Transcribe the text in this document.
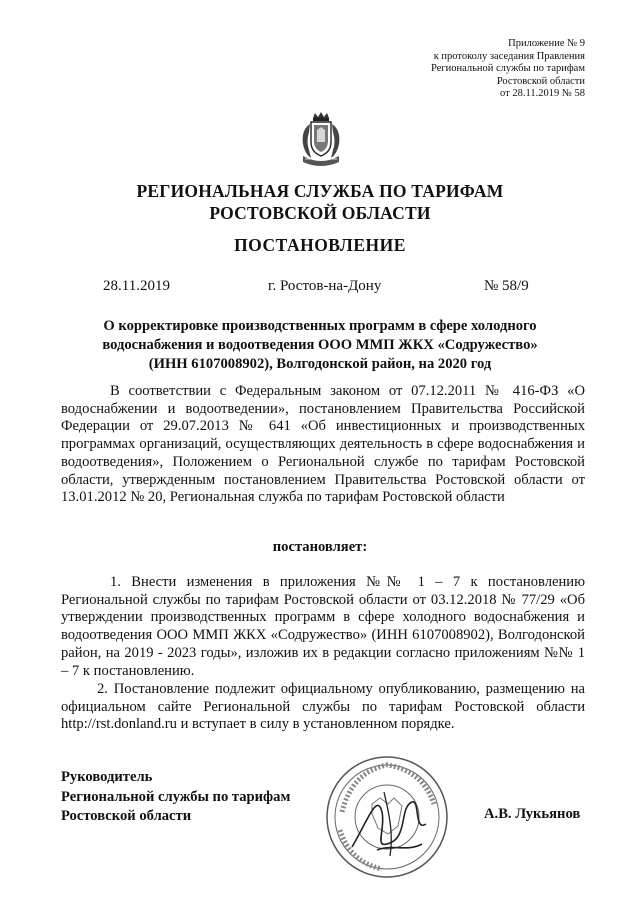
Приложение № 9
к протоколу заседания Правления
Региональной службы по тарифам
Ростовской области
от 28.11.2019 № 58
РЕГИОНАЛЬНАЯ СЛУЖБА ПО ТАРИФАМ
РОСТОВСКОЙ ОБЛАСТИ
ПОСТАНОВЛЕНИЕ
28.11.2019	г. Ростов-на-Дону	№ 58/9
О корректировке производственных программ в сфере холодного
водоснабжения и водоотведения ООО ММП ЖКХ «Содружество»
(ИНН 6107008902), Волгодонской район, на 2020 год
В соответствии с Федеральным законом от 07.12.2011 № 416-ФЗ «О водоснабжении и водоотведении», постановлением Правительства Российской Федерации от 29.07.2013 № 641 «Об инвестиционных и производственных программах организаций, осуществляющих деятельность в сфере водоснабжения и водоотведения», Положением о Региональной службе по тарифам Ростовской области, утвержденным постановлением Правительства Ростовской области от 13.01.2012 № 20, Региональная служба по тарифам Ростовской области
постановляет:
1. Внести изменения в приложения №№ 1 – 7 к постановлению Региональной службы по тарифам Ростовской области от 03.12.2018 № 77/29 «Об утверждении производственных программ в сфере холодного водоснабжения и водоотведения ООО ММП ЖКХ «Содружество» (ИНН 6107008902), Волгодонской район, на 2019 - 2023 годы», изложив их в редакции согласно приложениям №№ 1 – 7 к постановлению.
2. Постановление подлежит официальному опубликованию, размещению на официальном сайте Региональной службы по тарифам Ростовской области http://rst.donland.ru и вступает в силу в установленном порядке.
Руководитель
Региональной службы по тарифам
Ростовской области	А.В. Лукьянов
